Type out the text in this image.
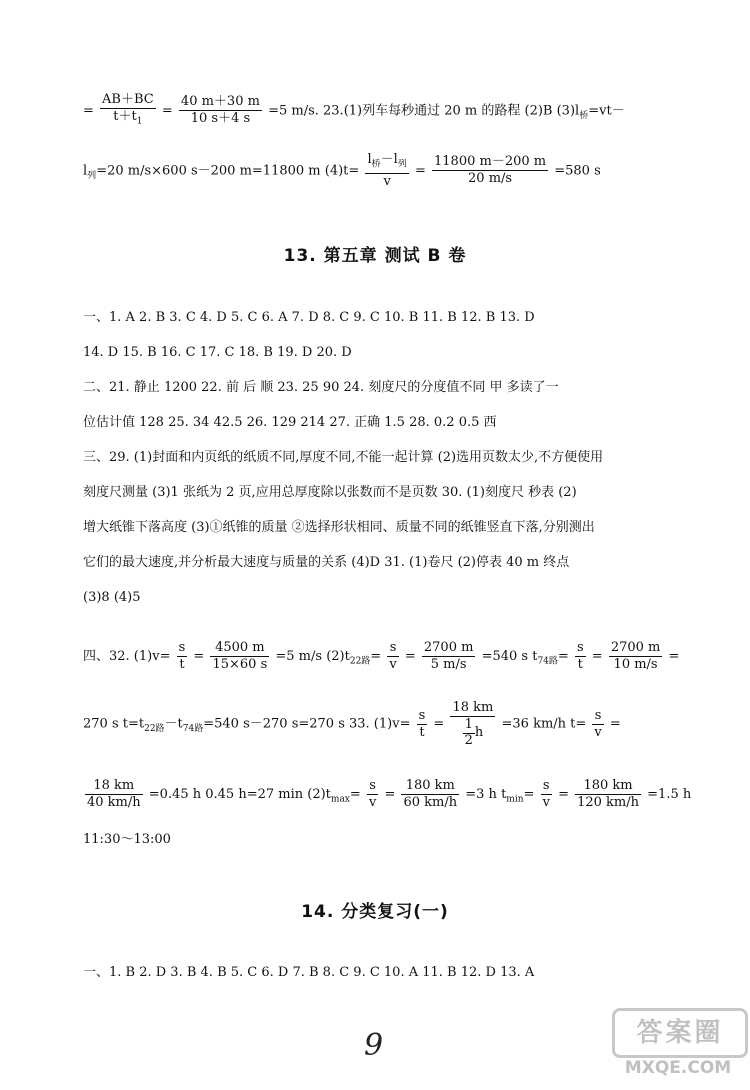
= $\frac{AB+BC}{t+t_1} = \frac{40 m+30 m}{10 s+4 s} =5$ m/s. 23.(1)列车每秒通过 20 m 的路程 (2)B $(3)l_桥=vt-$
$l_列=20$ m/s×600 s－200 m=11800 m $(4)t= \frac{l_桥-l_列}{v} = \frac{11800 m-200 m}{20 m/s} =580$ s
13. 第五章 测试 B 卷
一、1. A 2. B 3. C 4. D 5. C 6. A 7. D 8. C 9. C 10. B 11. B 12. B 13. D
14. D 15. B 16. C 17. C 18. B 19. D 20. D
二、21. 静止 1200 22. 前 后 顺 23. 25 90 24. 刻度尺的分度值不同 甲 多读了一
位估计值 128 25. 34 42.5 26. 129 214 27. 正确 1.5 28. 0.2 0.5 西
三、29. (1)封面和内页纸的纸质不同,厚度不同,不能一起计算 (2)选用页数太少,不方便使用
刻度尺测量 (3)1 张纸为 2 页,应用总厚度除以张数而不是页数 30. (1)刻度尺 秒表 (2)
增大纸锥下落高度 (3)①纸锥的质量 ②选择形状相同、质量不同的纸锥竖直下落,分别测出
它们的最大速度,并分析最大速度与质量的关系 (4)D 31. (1)卷尺 (2)停表 40 m 终点
(3)8 (4)5
四、32. $(1)v= \frac{s}{t} = \frac{4500 m}{15\times 60 s} =5$ m/s $(2)t_{22路}= \frac{s}{v} = \frac{2700 m}{5 m/s} =540$ s $t_{74路}= \frac{s}{t} = \frac{2700 m}{10 m/s}$ =
270 s $t=t_{22路}-t_{74路}=540$ s－270 s=270 s 33. $(1)v= \frac{s}{t} = \frac{18 km}{\frac{1}{2} h} =36$ km/h $t= \frac{s}{v}$ =
$\frac{18 km}{40 km/h} =0.45$ h 0.45 h=27 $\min (2)t_{max}= \frac{s}{v} = \frac{180 km}{60 km/h} =3$ h $t_{min}= \frac{s}{v} = \frac{180 km}{120 km/h} =1.5$ h
11:30～13:00
14. 分类复习(一)
一、1. B 2. D 3. B 4. B 5. C 6. D 7. B 8. C 9. C 10. A 11. B 12. D 13. A
9	答案圈
MXQE.COM
